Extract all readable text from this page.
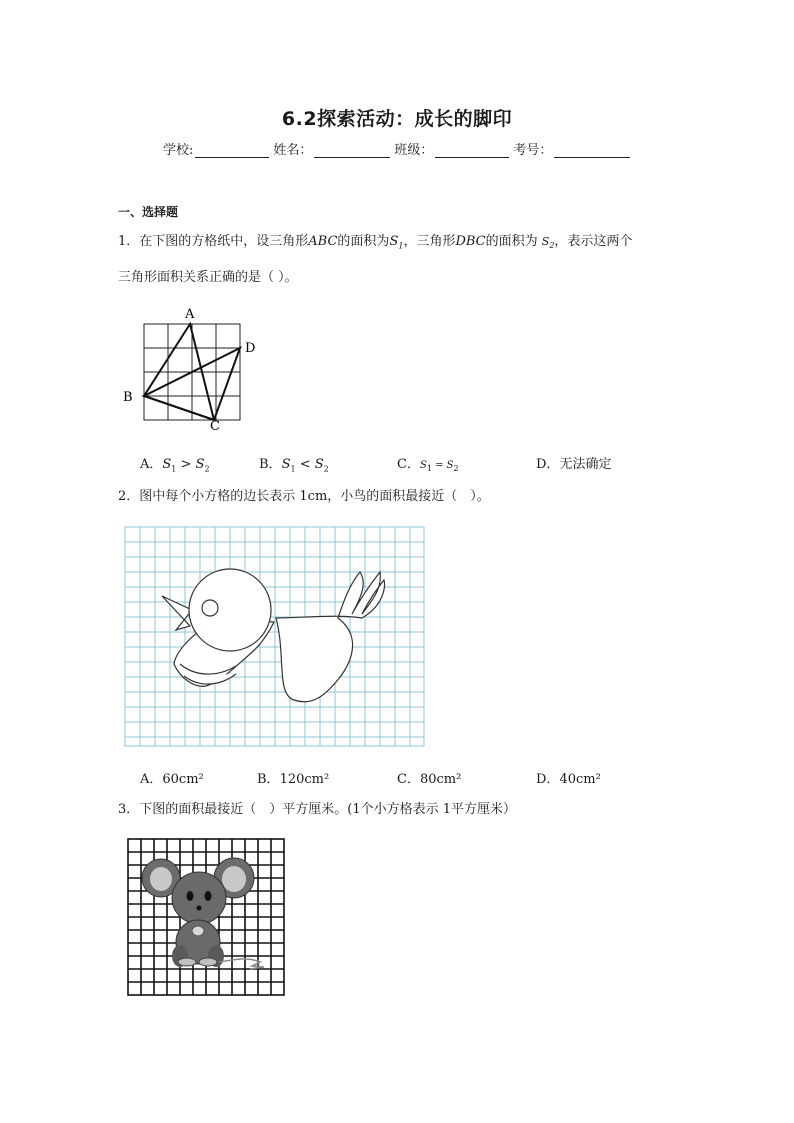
6.2探索活动：成长的脚印
学校:	姓名：	班级：	考号：
一、选择题
1．在下图的方格纸中，设三角形ABC的面积为$S_1$，三角形DBC的面积为 $S_2$，表示这两个
三角形面积关系正确的是（ ）。
A
B
C
D
A．$S_1 > S_2$	B．$S_1 < S_2$	C．$S_1 = S_2$	D．无法确定
2．图中每个小方格的边长表示 1cm，小鸟的面积最接近（　）。
A．60cm²	B．120cm²	C．80cm²	D．40cm²
3．下图的面积最接近（　）平方厘米。(1个小方格表示 1平方厘米）
